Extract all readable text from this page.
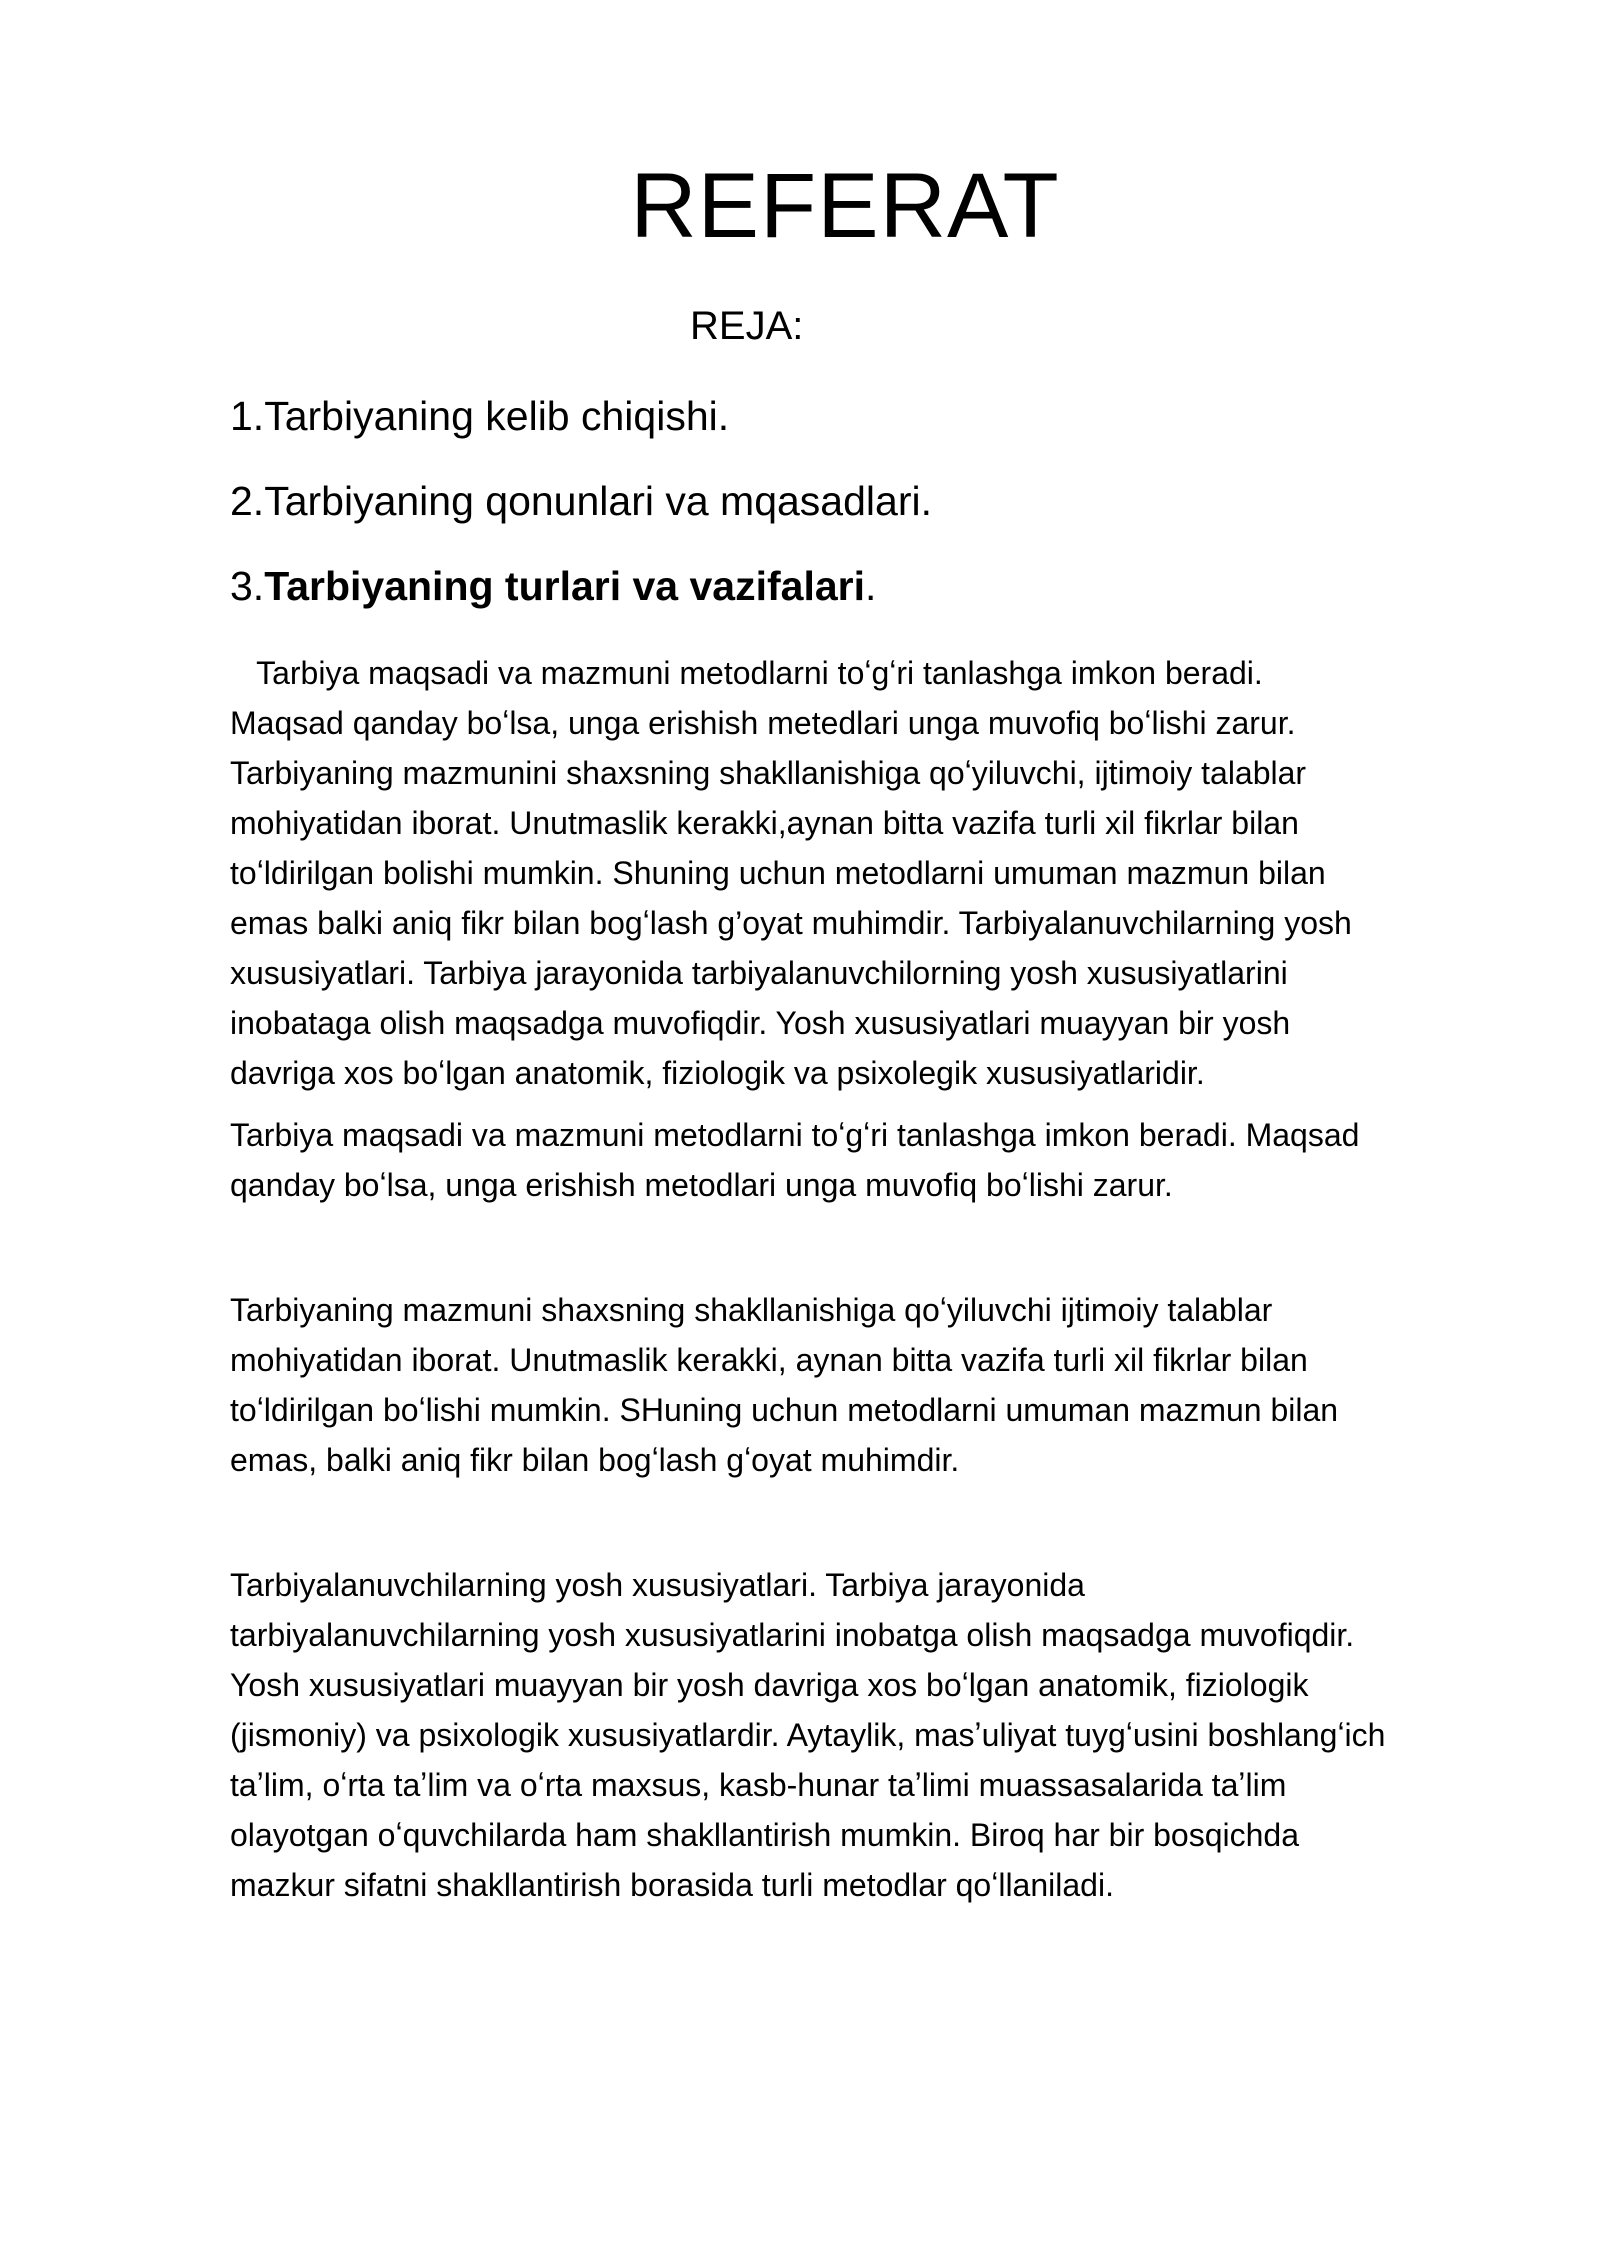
REFERAT
REJA:
1.Tarbiyaning kelib chiqishi.
2.Tarbiyaning qonunlari va mqasadlari.
3.Tarbiyaning turlari va vazifalari.

Tarbiya maqsadi va mazmuni metodlarni toʻgʻri tanlashga imkon beradi.

Maqsad qanday boʻlsa, unga erishish metedlari unga muvofiq boʻlishi zarur.

Tarbiyaning mazmunini shaxsning shakllanishiga qoʻyiluvchi, ijtimoiy talablar

mohiyatidan iborat. Unutmaslik kerakki,aynan bitta vazifa turli xil fikrlar bilan

toʻldirilgan bolishi mumkin. Shuning uchun metodlarni umuman mazmun bilan

emas balki aniq fikr bilan bogʻlash g’oyat muhimdir. Tarbiyalanuvchilarning yosh

xususiyatlari. Tarbiya jarayonida tarbiyalanuvchilorning yosh xususiyatlarini

inobataga olish maqsadga muvofiqdir. Yosh xususiyatlari muayyan bir yosh

davriga xos boʻlgan anatomik, fiziologik va psixolegik xususiyatlaridir.

Tarbiya maqsadi va mazmuni metodlarni toʻgʻri tanlashga imkon beradi. Maqsad

qanday boʻlsa, unga erishish metodlari unga muvofiq boʻlishi zarur.

Tarbiyaning mazmuni shaxsning shakllanishiga qoʻyiluvchi ijtimoiy talablar

mohiyatidan iborat. Unutmaslik kerakki, aynan bitta vazifa turli xil fikrlar bilan

toʻldirilgan boʻlishi mumkin. SHuning uchun metodlarni umuman mazmun bilan

emas, balki aniq fikr bilan bogʻlash gʻoyat muhimdir.

Tarbiyalanuvchilarning yosh xususiyatlari. Tarbiya jarayonida

tarbiyalanuvchilarning yosh xususiyatlarini inobatga olish maqsadga muvofiqdir.

Yosh xususiyatlari muayyan bir yosh davriga xos boʻlgan anatomik, fiziologik

(jismoniy) va psixologik xususiyatlardir. Aytaylik, masʼuliyat tuygʻusini boshlangʻich

taʼlim, oʻrta taʼlim va oʻrta maxsus, kasb-hunar taʼlimi muassasalarida taʼlim

olayotgan oʻquvchilarda ham shakllantirish mumkin. Biroq har bir bosqichda

mazkur sifatni shakllantirish borasida turli metodlar qoʻllaniladi.
